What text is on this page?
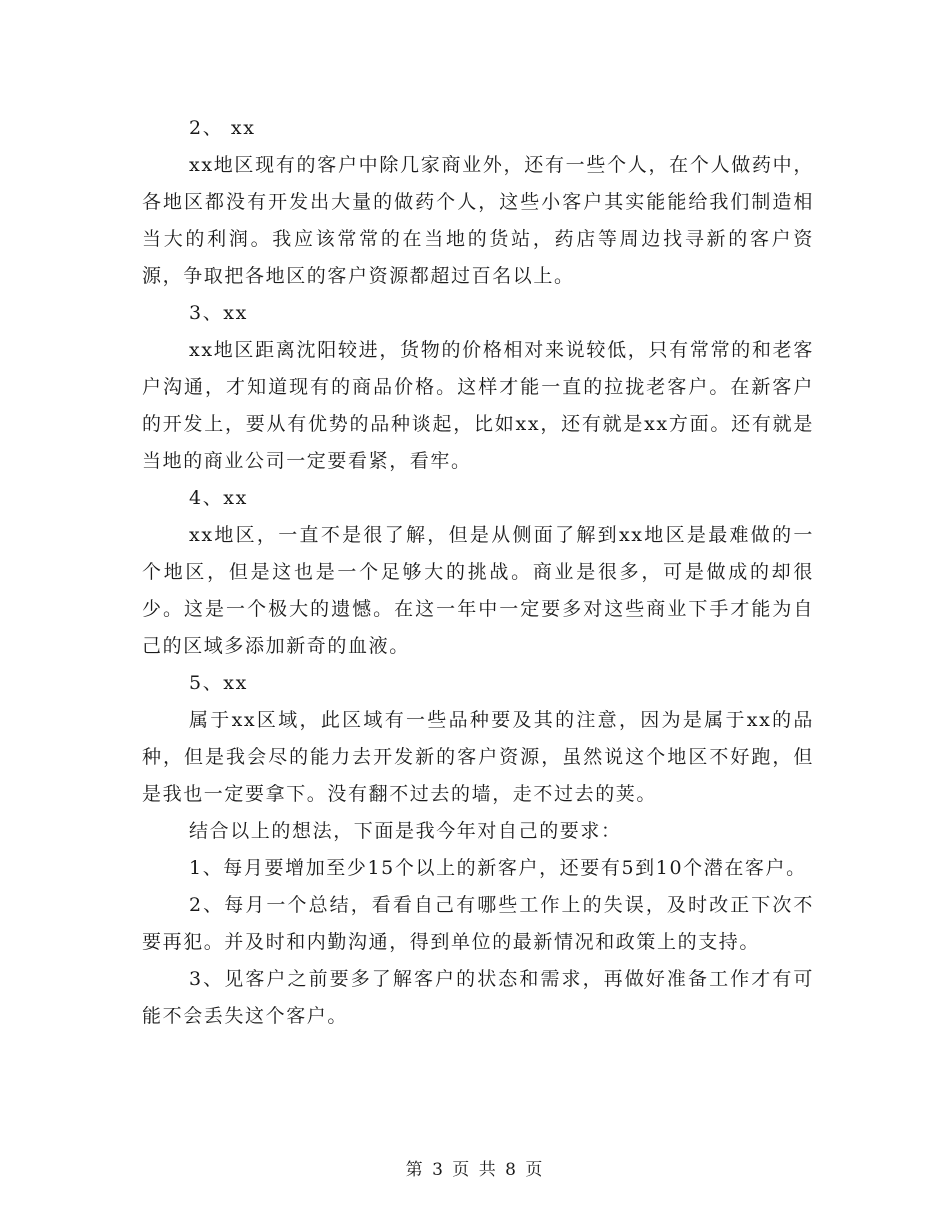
2、 xx

xx地区现有的客户中除几家商业外，还有一些个人，在个人做药中，各地区都没有开发出大量的做药个人，这些小客户其实能能给我们制造相当大的利润。我应该常常的在当地的货站，药店等周边找寻新的客户资源，争取把各地区的客户资源都超过百名以上。

3、xx

xx地区距离沈阳较进，货物的价格相对来说较低，只有常常的和老客户沟通，才知道现有的商品价格。这样才能一直的拉拢老客户。在新客户的开发上，要从有优势的品种谈起，比如xx，还有就是xx方面。还有就是当地的商业公司一定要看紧，看牢。

4、xx

xx地区，一直不是很了解，但是从侧面了解到xx地区是最难做的一个地区，但是这也是一个足够大的挑战。商业是很多，可是做成的却很少。这是一个极大的遗憾。在这一年中一定要多对这些商业下手才能为自己的区域多添加新奇的血液。

5、xx

属于xx区域，此区域有一些品种要及其的注意，因为是属于xx的品种，但是我会尽的能力去开发新的客户资源，虽然说这个地区不好跑，但是我也一定要拿下。没有翻不过去的墙，走不过去的荚。

结合以上的想法，下面是我今年对自己的要求：

1、每月要增加至少15个以上的新客户，还要有5到10个潜在客户。

2、每月一个总结，看看自己有哪些工作上的失误，及时改正下次不要再犯。并及时和内勤沟通，得到单位的最新情况和政策上的支持。

3、见客户之前要多了解客户的状态和需求，再做好准备工作才有可能不会丢失这个客户。

第 3 页 共 8 页
